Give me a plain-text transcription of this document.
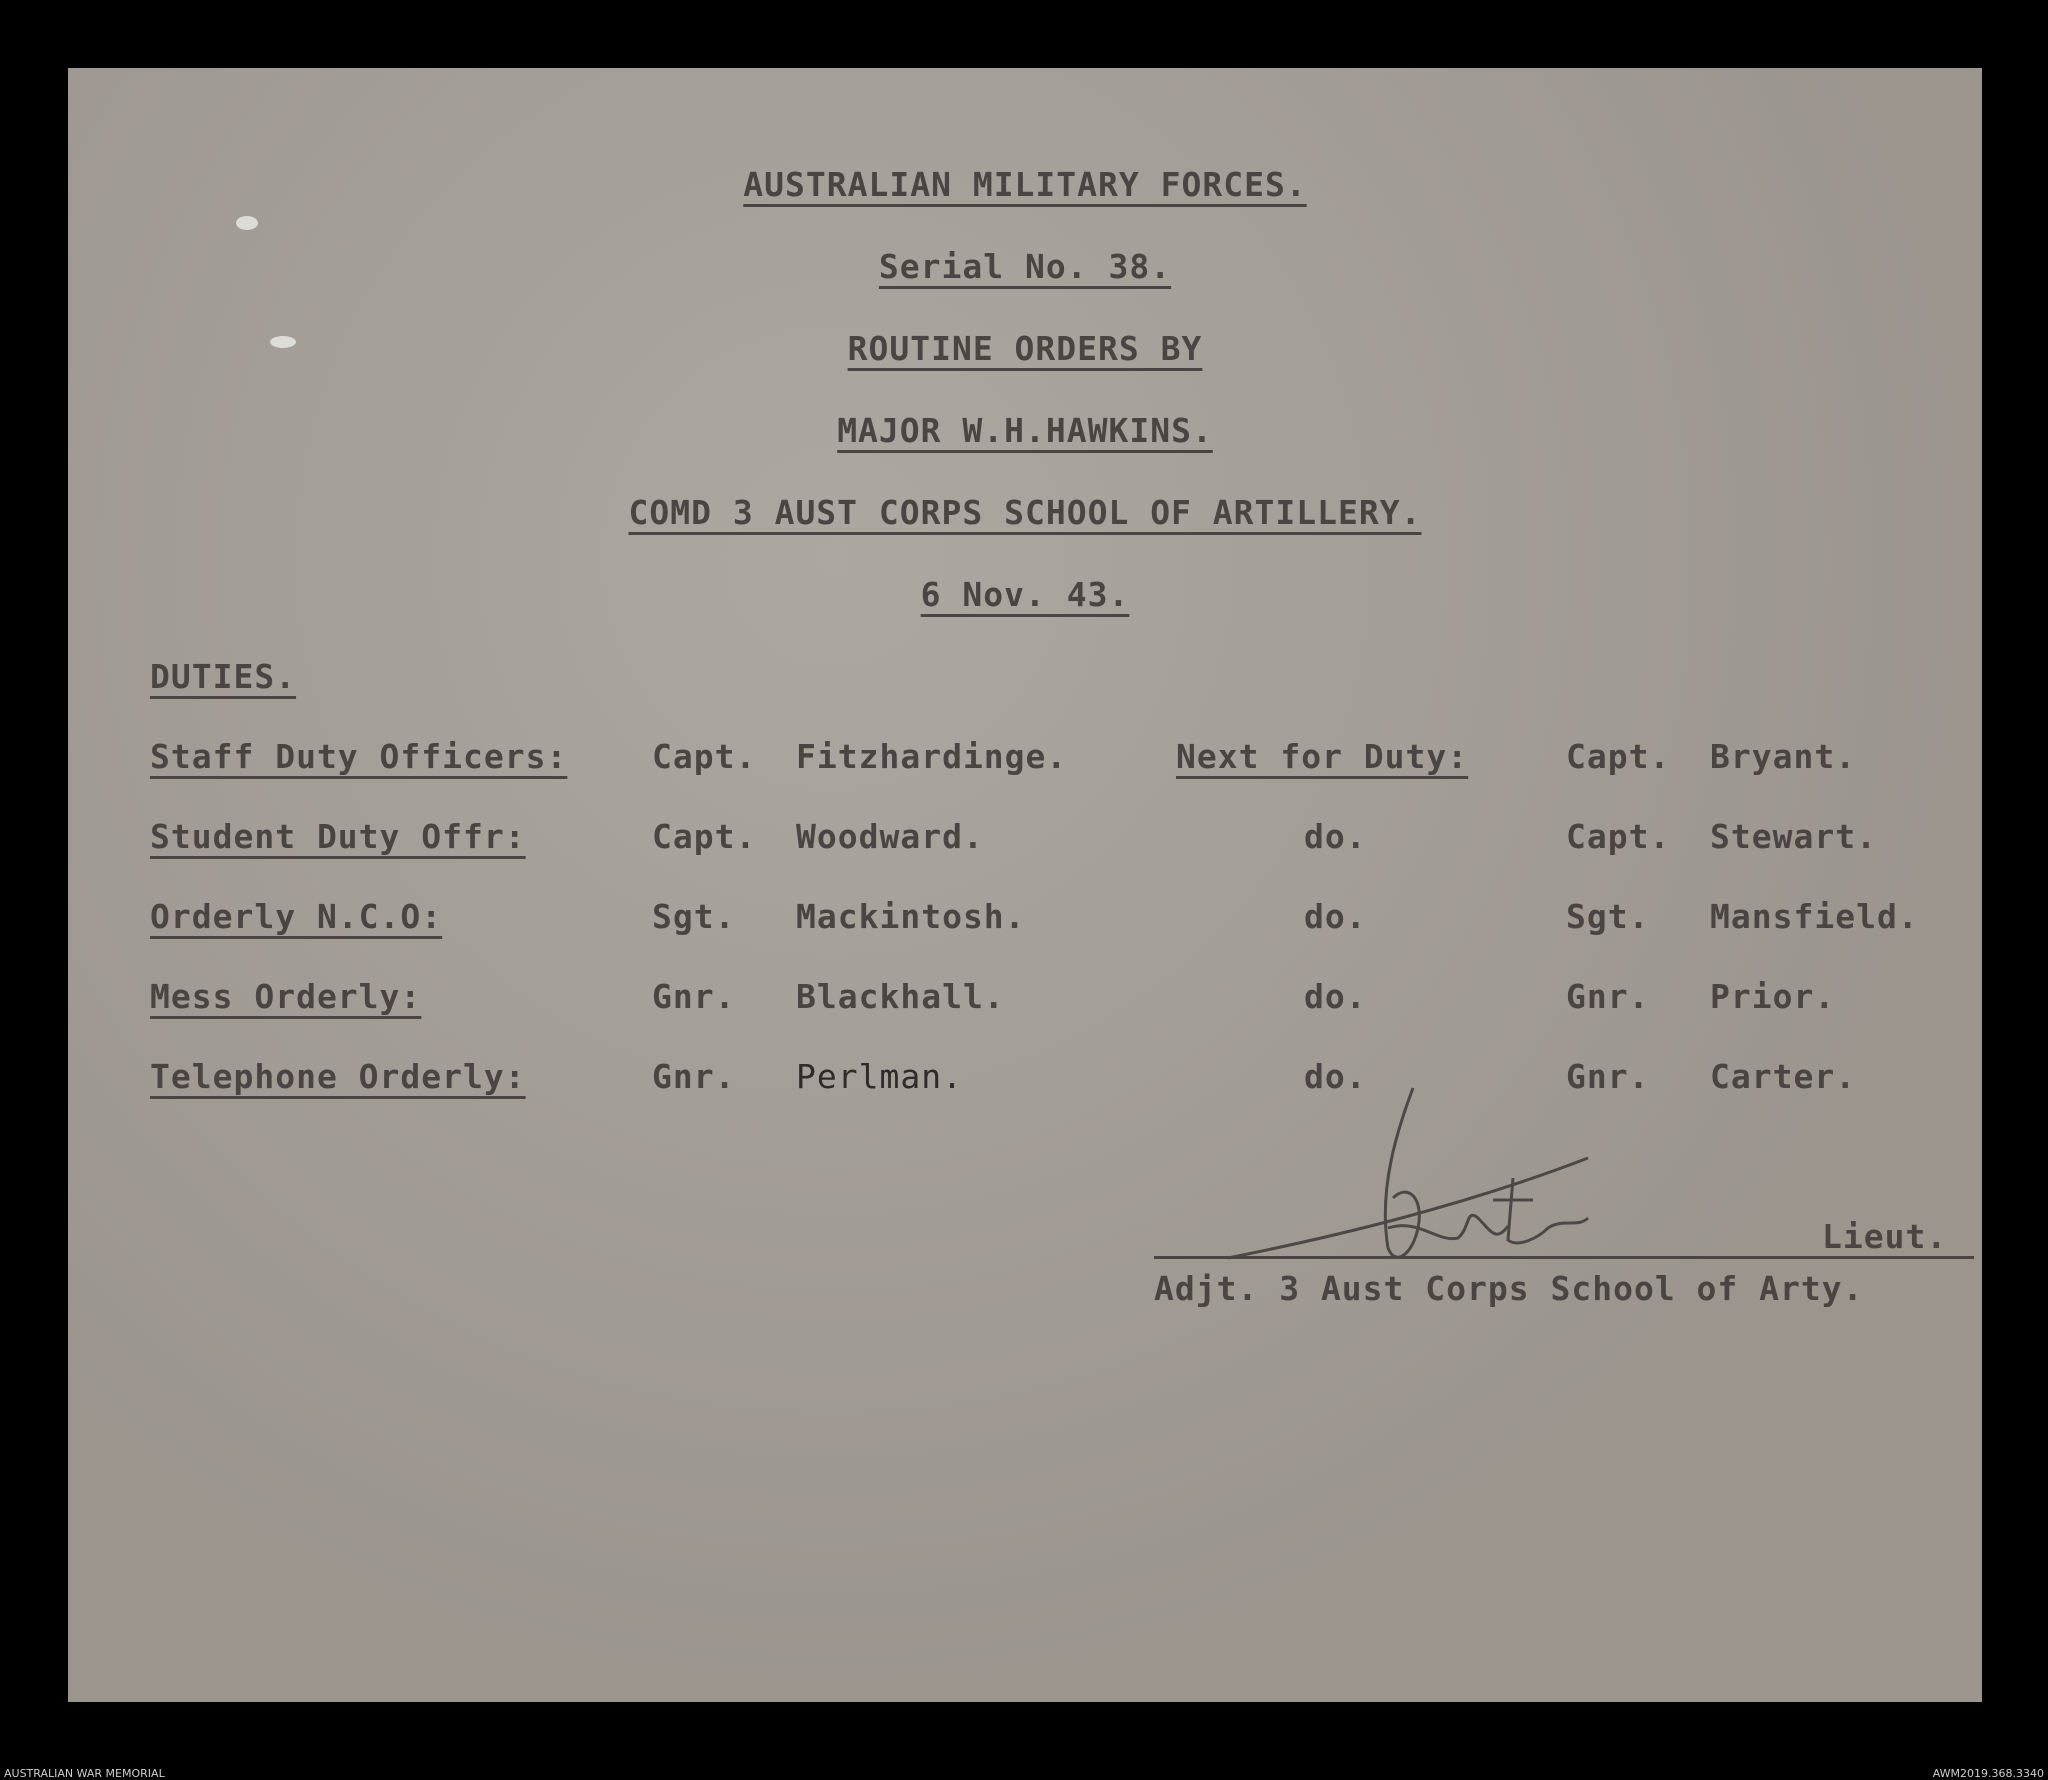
AUSTRALIAN MILITARY FORCES.
Serial No. 38.
ROUTINE ORDERS BY
MAJOR W.H.HAWKINS.
COMD 3 AUST CORPS SCHOOL OF ARTILLERY.
6 Nov. 43.
DUTIES.
Staff Duty Officers:	Capt. Fitzhardinge.	Next for Duty:	Capt. Bryant.
Student Duty Offr:	Capt. Woodward.	do.	Capt. Stewart.
Orderly N.C.O:	Sgt. Mackintosh.	do.	Sgt. Mansfield.
Mess Orderly:	Gnr. Blackhall.	do.	Gnr. Prior.
Telephone Orderly:	Gnr. Perlman.	do.	Gnr. Carter.
Lieut.
Adjt. 3 Aust Corps School of Arty.
AUSTRALIAN WAR MEMORIAL	AWM2019.368.3340
